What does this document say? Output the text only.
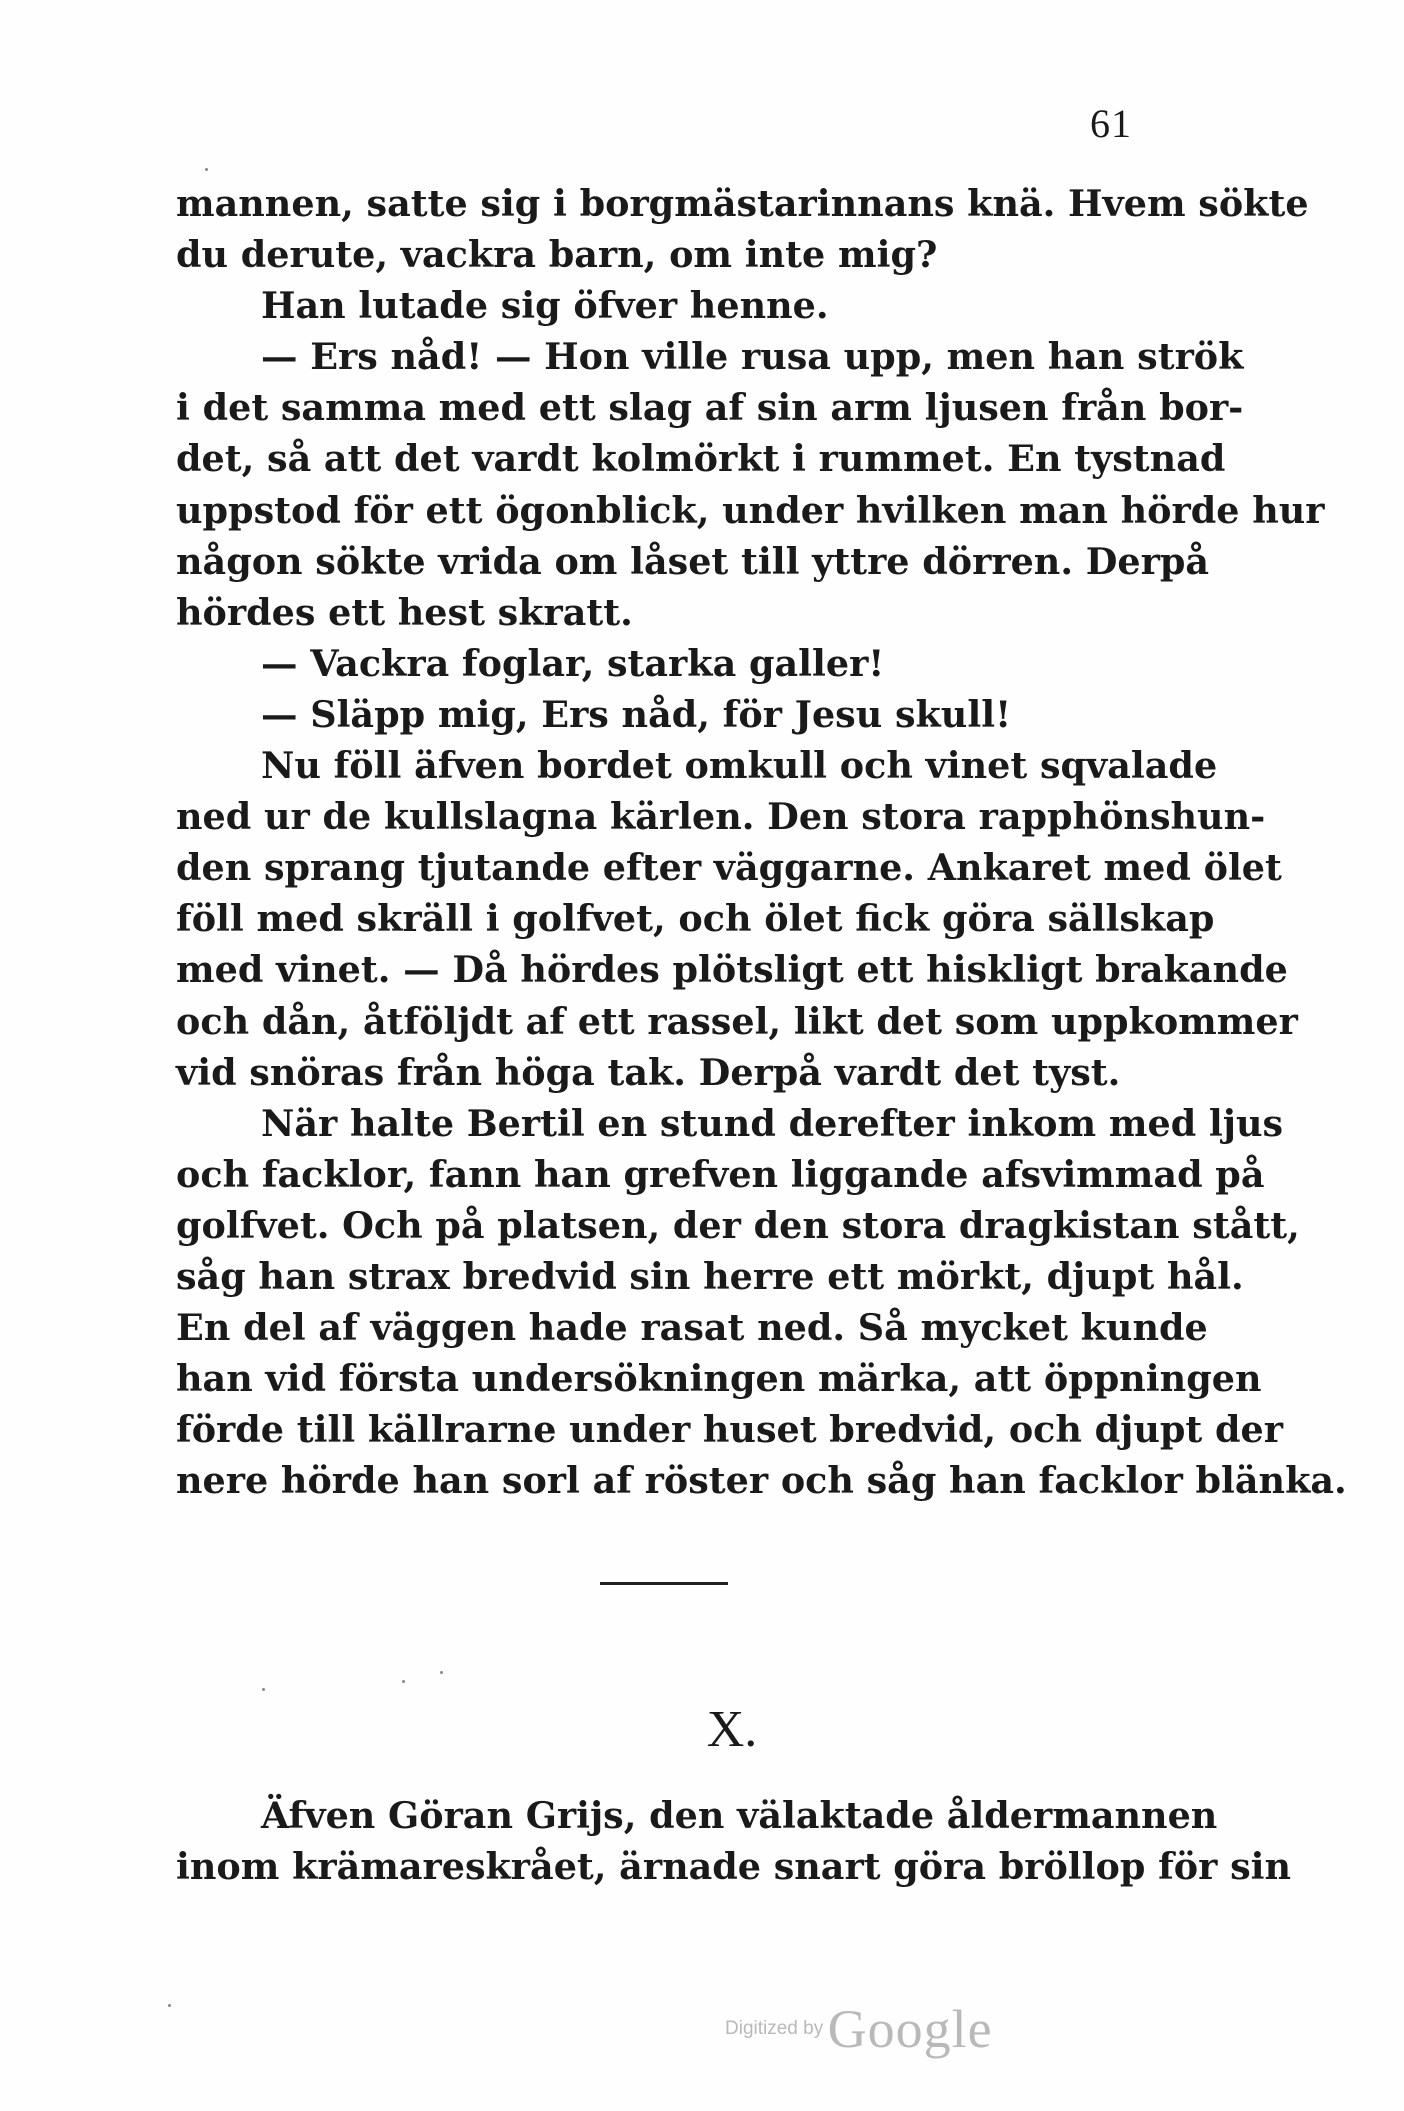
61
mannen, satte sig i borgmästarinnans knä. Hvem sökte
du derute, vackra barn, om inte mig?
Han lutade sig öfver henne.
— Ers nåd! — Hon ville rusa upp, men han strök
i det samma med ett slag af sin arm ljusen från bor-
det, så att det vardt kolmörkt i rummet. En tystnad
uppstod för ett ögonblick, under hvilken man hörde hur
någon sökte vrida om låset till yttre dörren. Derpå
hördes ett hest skratt.
— Vackra foglar, starka galler!
— Släpp mig, Ers nåd, för Jesu skull!
Nu föll äfven bordet omkull och vinet sqvalade
ned ur de kullslagna kärlen. Den stora rapphönshun-
den sprang tjutande efter väggarne. Ankaret med ölet
föll med skräll i golfvet, och ölet fick göra sällskap
med vinet. — Då hördes plötsligt ett hiskligt brakande
och dån, åtföljdt af ett rassel, likt det som uppkommer
vid snöras från höga tak. Derpå vardt det tyst.
När halte Bertil en stund derefter inkom med ljus
och facklor, fann han grefven liggande afsvimmad på
golfvet. Och på platsen, der den stora dragkistan stått,
såg han strax bredvid sin herre ett mörkt, djupt hål.
En del af väggen hade rasat ned. Så mycket kunde
han vid första undersökningen märka, att öppningen
förde till källrarne under huset bredvid, och djupt der
nere hörde han sorl af röster och såg han facklor blänka.
X.
Äfven Göran Grijs, den välaktade åldermannen
inom krämareskrået, ärnade snart göra bröllop för sin
Digitized by Google
